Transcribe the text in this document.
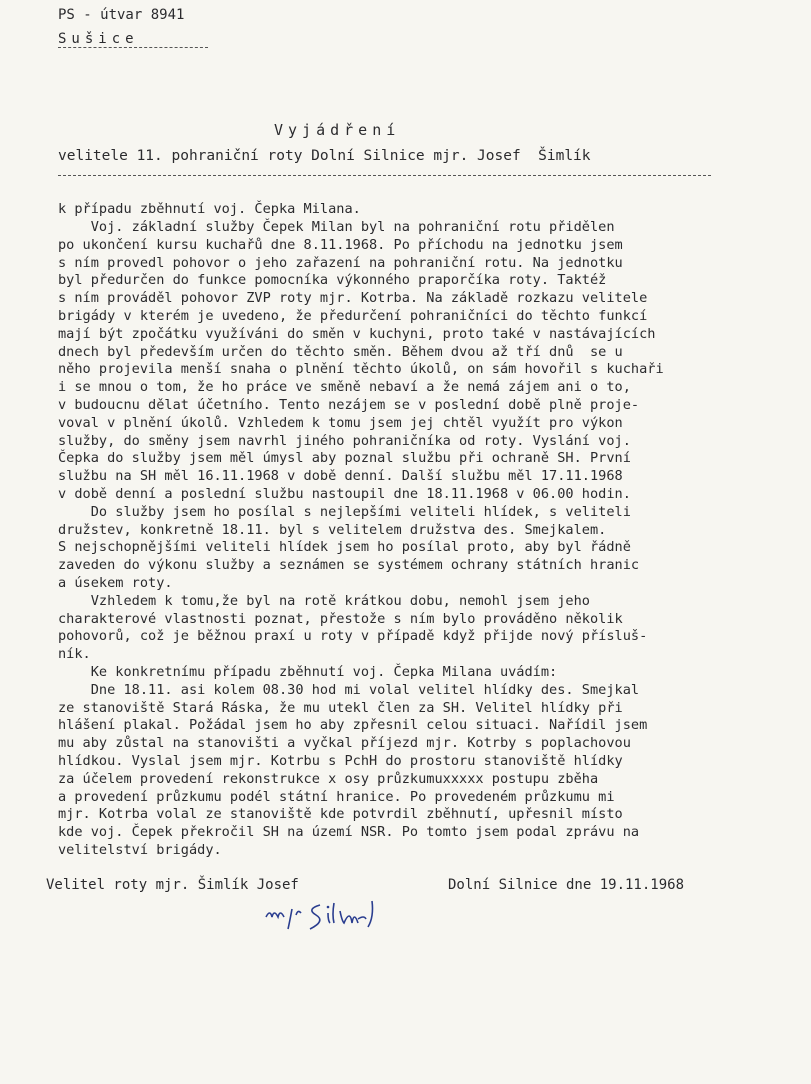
PS - útvar 8941
Sušice
Vyjádření
velitele 11. pohraniční roty Dolní Silnice mjr. Josef  Šimlík
k případu zběhnutí voj. Čepka Milana.
Voj. základní služby Čepek Milan byl na pohraniční rotu přidělen
po ukončení kursu kuchařů dne 8.11.1968. Po příchodu na jednotku jsem
s ním provedl pohovor o jeho zařazení na pohraniční rotu. Na jednotku
byl předurčen do funkce pomocníka výkonného praporčíka roty. Taktéž
s ním prováděl pohovor ZVP roty mjr. Kotrba. Na základě rozkazu velitele
brigády v kterém je uvedeno, že předurčení pohraničníci do těchto funkcí
mají být zpočátku využíváni do směn v kuchyni, proto také v nastávajících
dnech byl především určen do těchto směn. Během dvou až tří dnů  se u
něho projevila menší snaha o plnění těchto úkolů, on sám hovořil s kuchaři
i se mnou o tom, že ho práce ve směně nebaví a že nemá zájem ani o to,
v budoucnu dělat účetního. Tento nezájem se v poslední době plně proje-
voval v plnění úkolů. Vzhledem k tomu jsem jej chtěl využít pro výkon
služby, do směny jsem navrhl jiného pohraničníka od roty. Vyslání voj.
Čepka do služby jsem měl úmysl aby poznal službu při ochraně SH. První
službu na SH měl 16.11.1968 v době denní. Další službu měl 17.11.1968
v době denní a poslední službu nastoupil dne 18.11.1968 v 06.00 hodin.
Do služby jsem ho posílal s nejlepšími veliteli hlídek, s veliteli
družstev, konkretně 18.11. byl s velitelem družstva des. Smejkalem.
S nejschopnějšími veliteli hlídek jsem ho posílal proto, aby byl řádně
zaveden do výkonu služby a seznámen se systémem ochrany státních hranic
a úsekem roty.
Vzhledem k tomu,že byl na rotě krátkou dobu, nemohl jsem jeho
charakterové vlastnosti poznat, přestože s ním bylo prováděno několik
pohovorů, což je běžnou praxí u roty v případě když přijde nový přísluš-
ník.
Ke konkretnímu případu zběhnutí voj. Čepka Milana uvádím:
Dne 18.11. asi kolem 08.30 hod mi volal velitel hlídky des. Smejkal
ze stanoviště Stará Ráska, že mu utekl člen za SH. Velitel hlídky při
hlášení plakal. Požádal jsem ho aby zpřesnil celou situaci. Nařídil jsem
mu aby zůstal na stanovišti a vyčkal příjezd mjr. Kotrby s poplachovou
hlídkou. Vyslal jsem mjr. Kotrbu s PchH do prostoru stanoviště hlídky
za účelem provedení rekonstrukce x osy průzkumuxxxxx postupu zběha
a provedení průzkumu podél státní hranice. Po provedeném průzkumu mi
mjr. Kotrba volal ze stanoviště kde potvrdil zběhnutí, upřesnil místo
kde voj. Čepek překročil SH na území NSR. Po tomto jsem podal zprávu na
velitelství brigády.
Velitel roty mjr. Šimlík Josef	Dolní Silnice dne 19.11.1968
